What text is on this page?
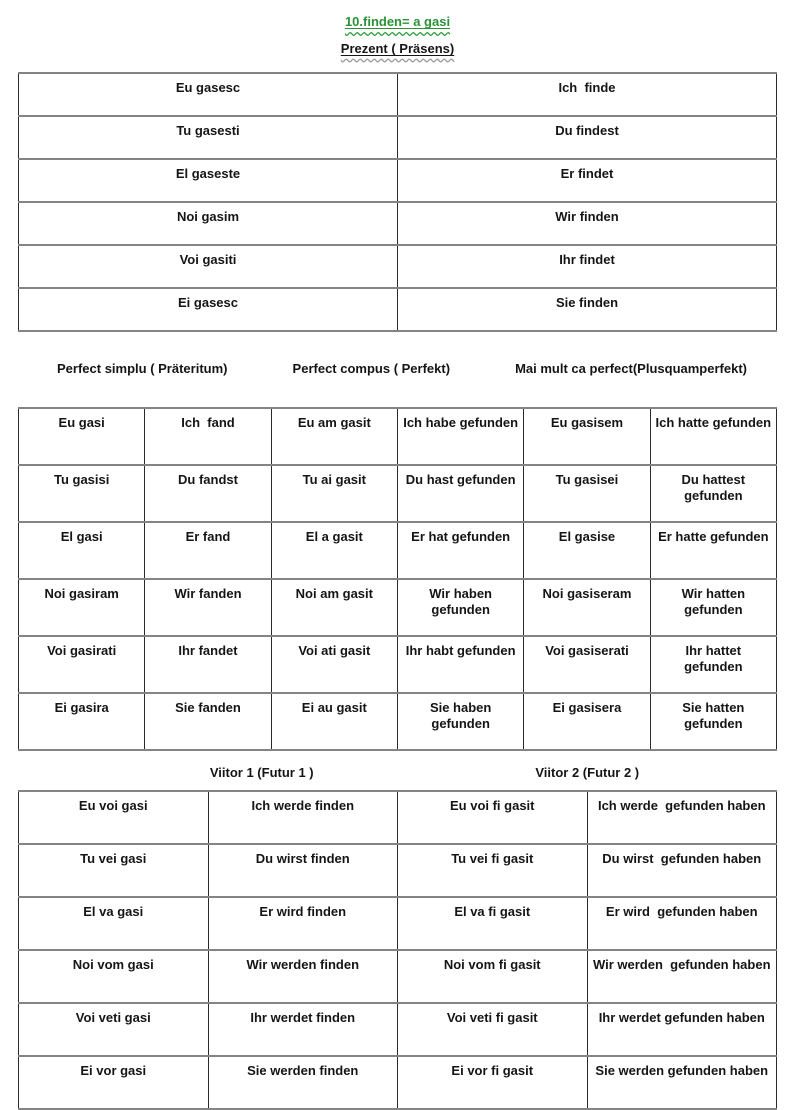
10.finden= a gasi
Prezent ( Präsens)
Eu gasesc	Ich  finde
Tu gasesti	Du findest
El gaseste	Er findet
Noi gasim	Wir finden
Voi gasiti	Ihr findet
Ei gasesc	Sie finden
Perfect simplu ( Präteritum)	Perfect compus ( Perfekt)	Mai mult ca perfect(Plusquamperfekt)
Eu gasi	Ich  fand	Eu am gasit	Ich habe gefunden	Eu gasisem	Ich hatte gefunden
Tu gasisi	Du fandst	Tu ai gasit	Du hast gefunden	Tu gasisei	Du hattest gefunden
El gasi	Er fand	El a gasit	Er hat gefunden	El gasise	Er hatte gefunden
Noi gasiram	Wir fanden	Noi am gasit	Wir haben gefunden	Noi gasiseram	Wir hatten gefunden
Voi gasirati	Ihr fandet	Voi ati gasit	Ihr habt gefunden	Voi gasiserati	Ihr hattet gefunden
Ei gasira	Sie fanden	Ei au gasit	Sie haben gefunden	Ei gasisera	Sie hatten gefunden
Viitor 1 (Futur 1 )	Viitor 2 (Futur 2 )
Eu voi gasi	Ich werde finden	Eu voi fi gasit	Ich werde  gefunden haben
Tu vei gasi	Du wirst finden	Tu vei fi gasit	Du wirst  gefunden haben
El va gasi	Er wird finden	El va fi gasit	Er wird  gefunden haben
Noi vom gasi	Wir werden finden	Noi vom fi gasit	Wir werden  gefunden haben
Voi veti gasi	Ihr werdet finden	Voi veti fi gasit	Ihr werdet gefunden haben
Ei vor gasi	Sie werden finden	Ei vor fi gasit	Sie werden gefunden haben
